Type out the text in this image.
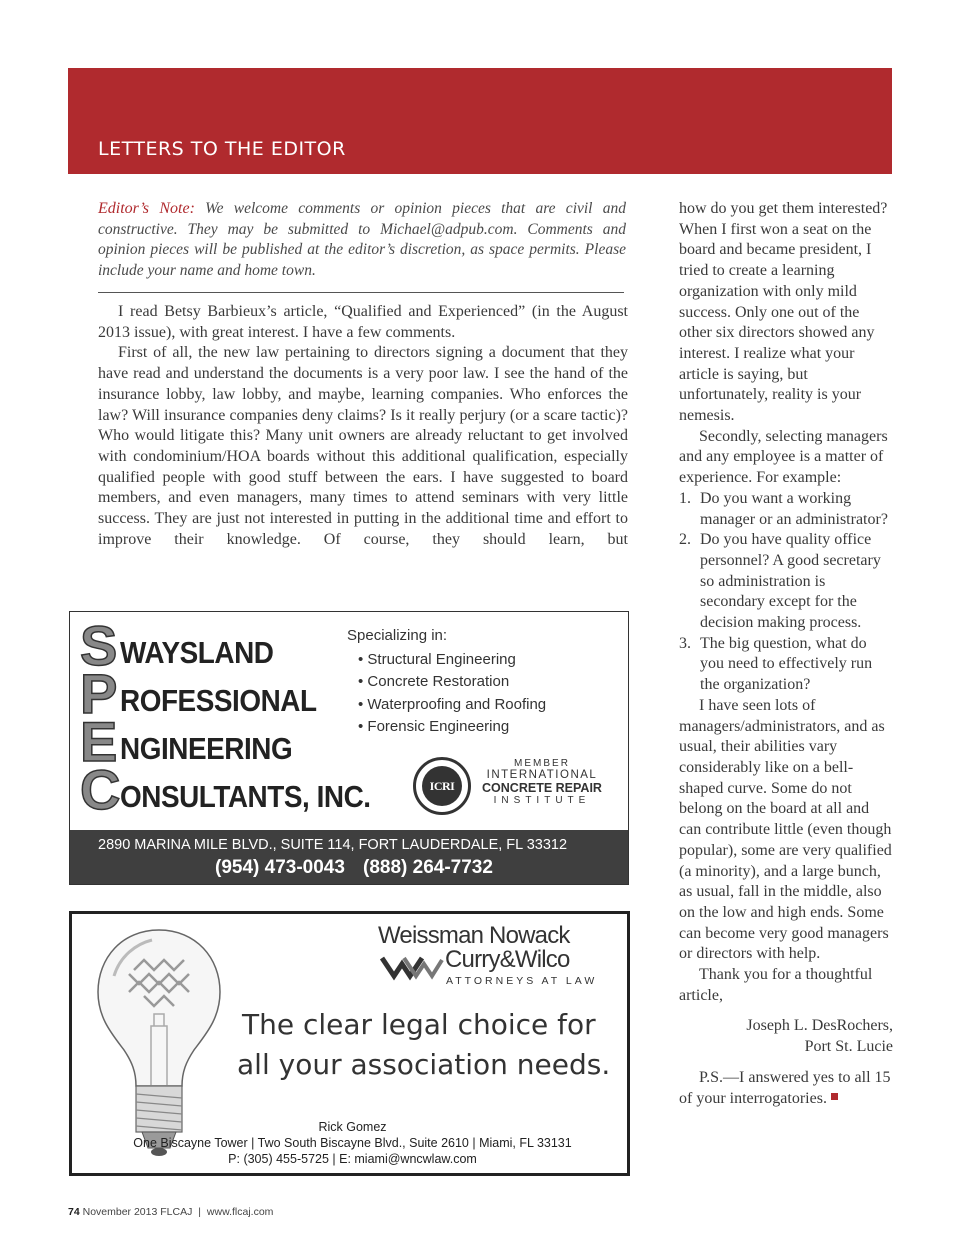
LETTERS TO THE EDITOR
Editor’s Note: We welcome comments or opinion pieces that are civil and constructive. They may be submitted to Michael@adpub.com. Comments and opinion pieces will be published at the editor’s discretion, as space permits. Please include your name and home town.

I read Betsy Barbieux’s article, “Qualified and Experienced” (in the August 2013 issue), with great interest. I have a few comments.

First of all, the new law pertaining to directors signing a document that they have read and understand the documents is a very poor law. I see the hand of the insurance lobby, law lobby, and maybe, learning companies. Who enforces the law? Will insurance companies deny claims? Is it really perjury (or a scare tactic)? Who would litigate this? Many unit owners are already reluctant to get involved with condominium/HOA boards without this additional qualification, especially qualified people with good stuff between the ears. I have suggested to board members, and even managers, many times to attend seminars with very little success. They are just not interested in putting in the additional time and effort to improve their knowledge. Of course, they should learn, but

how do you get them interested? When I first won a seat on the board and became president, I tried to create a learning organization with only mild success. Only one out of the other six directors showed any interest. I realize what your article is saying, but unfortunately, reality is your nemesis.

Secondly, selecting managers and any employee is a matter of experience. For example:

1. Do you want a working manager or an administrator?
2. Do you have quality office personnel? A good secretary so administration is secondary except for the decision making process.
3. The big question, what do you need to effectively run the organization?

I have seen lots of managers/administrators, and as usual, their abilities vary considerably like on a bell-shaped curve. Some do not belong on the board at all and can contribute little (even though popular), some are very qualified (a minority), and a large bunch, as usual, fall in the middle, also on the low and high ends. Some can become very good managers or directors with help.

Thank you for a thoughtful article,

Joseph L. DesRochers,
Port St. Lucie

P.S.—I answered yes to all 15 of your interrogatories.

S WAYSLAND
P ROFESSIONAL
E NGINEERING
C ONSULTANTS, INC.
Specializing in:
• Structural Engineering
• Concrete Restoration
• Waterproofing and Roofing
• Forensic Engineering
ICRI
MEMBER
INTERNATIONAL
CONCRETE REPAIR
INSTITUTE
2890 MARINA MILE BLVD., SUITE 114, FORT LAUDERDALE, FL 33312
(954) 473-0043 (888) 264-7732
Weissman Nowack
Curry&Wilco
ATTORNEYS AT LAW
The clear legal choice for
all your association needs.
Rick Gomez
One Biscayne Tower | Two South Biscayne Blvd., Suite 2610 | Miami, FL 33131
P: (305) 455-5725 | E: miami@wncwlaw.com
74 November 2013 FLCAJ | www.flcaj.com
